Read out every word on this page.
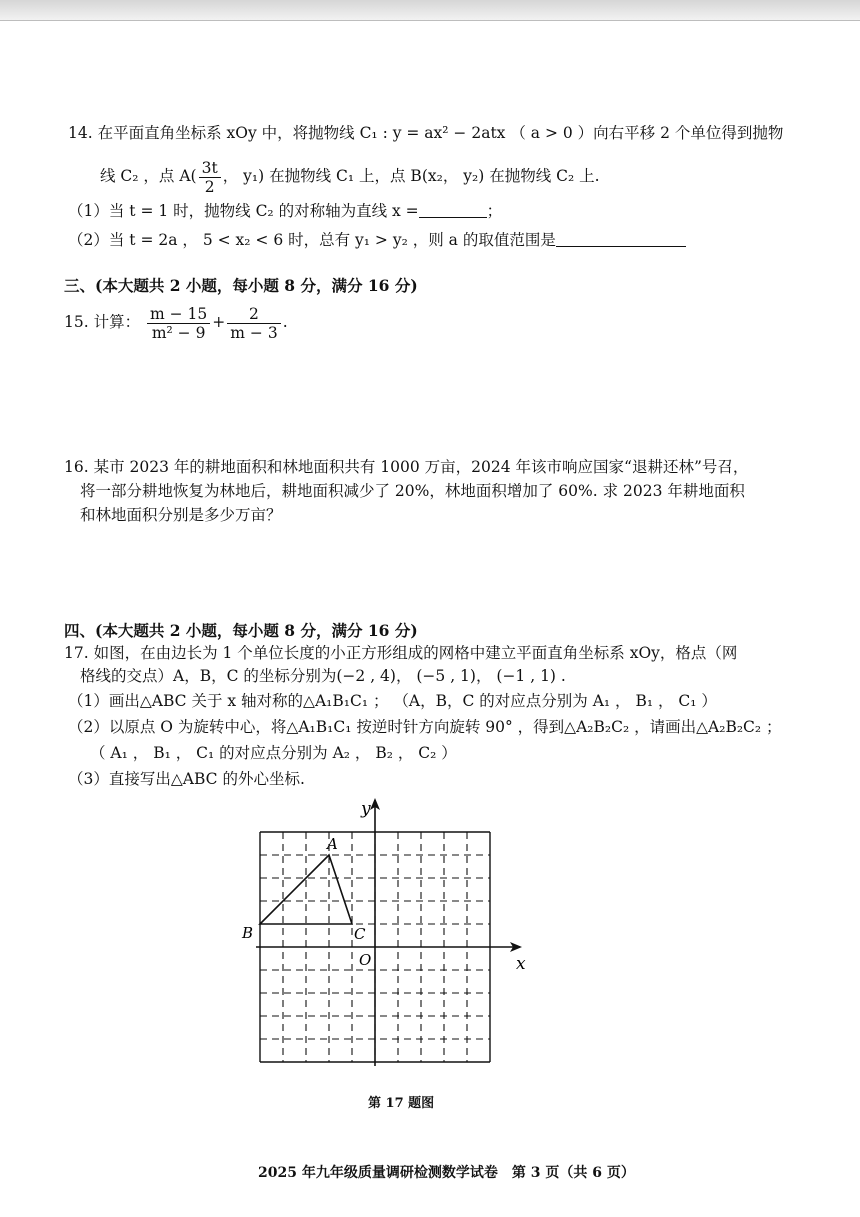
14. 在平面直角坐标系 xOy 中，将抛物线 C₁ : y = ax² − 2atx （ a > 0 ）向右平移 2 个单位得到抛物
线 C₂ ，点 $A( \frac{3t}{2}$ ， y₁) 在抛物线 C₁ 上，点 B(x₂， y₂) 在抛物线 C₂ 上.
（1）当 t = 1 时，抛物线 C₂ 的对称轴为直线 x =	；
（2）当 t = 2a ， 5 < x₂ < 6 时，总有 y₁ > y₂ ，则 a 的取值范围是
三、(本大题共 2 小题，每小题 8 分，满分 16 分)
15. 计算： $\frac{m - 15}{\text{m² − 9}} + \frac{2}{m - 3}$ .
16. 某市 2023 年的耕地面积和林地面积共有 1000 万亩，2024 年该市响应国家“退耕还林”号召，
将一部分耕地恢复为林地后，耕地面积减少了 20%，林地面积增加了 60%. 求 2023 年耕地面积
和林地面积分别是多少万亩？
四、(本大题共 2 小题，每小题 8 分，满分 16 分)
17. 如图，在由边长为 1 个单位长度的小正方形组成的网格中建立平面直角坐标系 xOy，格点（网
格线的交点）A，B，C 的坐标分别为(−2 , 4)， (−5 , 1)， (−1 , 1) .
（1）画出△ABC 关于 x 轴对称的△A₁B₁C₁ ； （A，B，C 的对应点分别为 A₁ ， B₁ ， C₁ ）
（2）以原点 O 为旋转中心，将△A₁B₁C₁ 按逆时针方向旋转 90° ，得到△A₂B₂C₂ ，请画出△A₂B₂C₂ ；
（ A₁ ， B₁ ， C₁ 的对应点分别为 A₂ ， B₂ ， C₂ ）
（3）直接写出△ABC 的外心坐标.
y
x
O
A
B	C
第 17 题图
2025 年九年级质量调研检测数学试卷　第 3 页（共 6 页）
